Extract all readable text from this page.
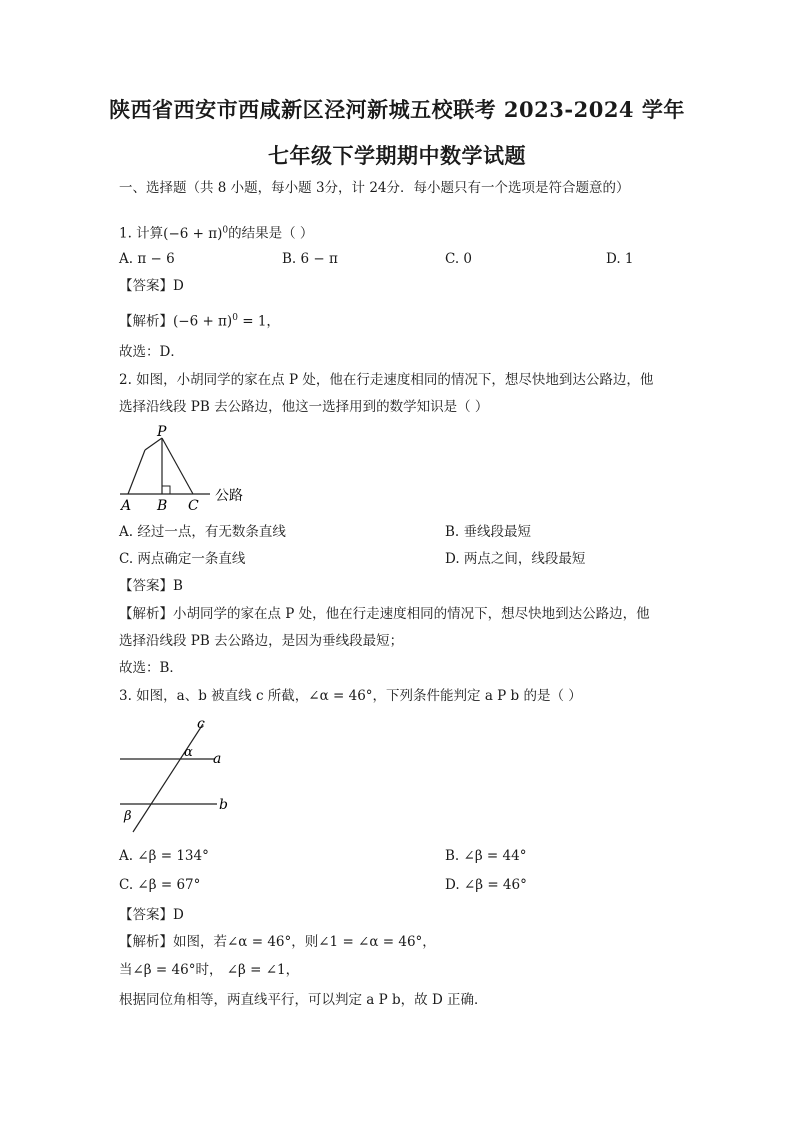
陕西省西安市西咸新区泾河新城五校联考 2023-2024 学年
七年级下学期期中数学试题
一、选择题（共 8 小题，每小题 3分，计 24分．每小题只有一个选项是符合题意的）
1. 计算$(-6 + \pi)^0$的结果是（ ）
A. π − 6	B. 6 − π	C. 0	D. 1
【答案】D
【解析】$(-6 + \pi)^0 = 1$，
故选：D．
2. 如图，小胡同学的家在点 P 处，他在行走速度相同的情况下，想尽快地到达公路边，他
选择沿线段 PB 去公路边，他这一选择用到的数学知识是（ ）
P
A B C
公路
A. 经过一点，有无数条直线	B. 垂线段最短
C. 两点确定一条直线	D. 两点之间，线段最短
【答案】B
【解析】小胡同学的家在点 P 处，他在行走速度相同的情况下，想尽快地到达公路边，他
选择沿线段 PB 去公路边，是因为垂线段最短；
故选：B．
3. 如图，a、b 被直线 c 所截，∠α = 46°，下列条件能判定 a P b 的是（ ）
c
a
b
α
β
A. ∠β = 134°	B. ∠β = 44°
C. ∠β = 67°	D. ∠β = 46°
【答案】D
【解析】如图，若∠α = 46°，则∠1 = ∠α = 46°，
当∠β = 46°时， ∠β = ∠1，
根据同位角相等，两直线平行，可以判定 a P b，故 D 正确．
